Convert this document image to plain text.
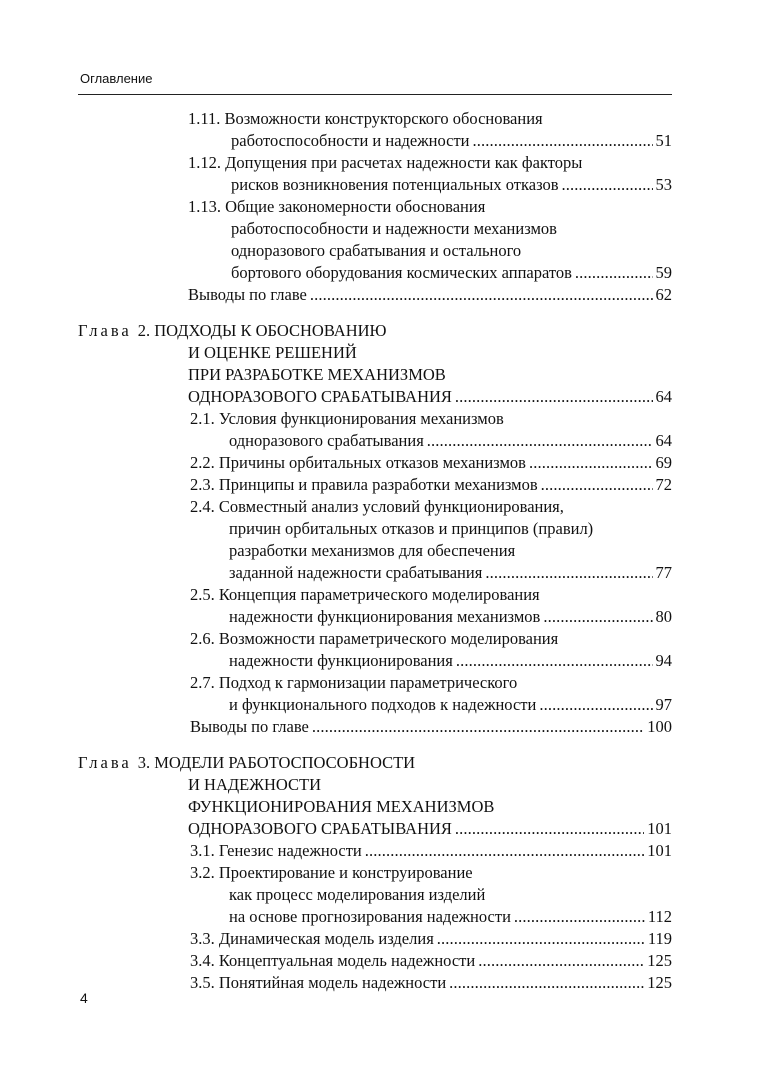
Оглавление
1.11. Возможности конструкторского обоснования
работоспособности и надежности . . .	51
1.12. Допущения при расчетах надежности как факторы
рисков возникновения потенциальных отказов . . .	53
1.13. Общие закономерности обоснования
работоспособности и надежности механизмов
одноразового срабатывания и остального
бортового оборудования космических аппаратов . . .	59
Выводы по главе . . .	62
Глава 2. ПОДХОДЫ К ОБОСНОВАНИЮ
И ОЦЕНКЕ РЕШЕНИЙ
ПРИ РАЗРАБОТКЕ МЕХАНИЗМОВ
ОДНОРАЗОВОГО СРАБАТЫВАНИЯ . . .	64
2.1. Условия функционирования механизмов
одноразового срабатывания . . .	64
2.2. Причины орбитальных отказов механизмов . . .	69
2.3. Принципы и правила разработки механизмов . . .	72
2.4. Совместный анализ условий функционирования,
причин орбитальных отказов и принципов (правил)
разработки механизмов для обеспечения
заданной надежности срабатывания . . .	77
2.5. Концепция параметрического моделирования
надежности функционирования механизмов . . .	80
2.6. Возможности параметрического моделирования
надежности функционирования . . .	94
2.7. Подход к гармонизации параметрического
и функционального подходов к надежности . . .	97
Выводы по главе . . .	100
Глава 3. МОДЕЛИ РАБОТОСПОСОБНОСТИ
И НАДЕЖНОСТИ
ФУНКЦИОНИРОВАНИЯ МЕХАНИЗМОВ
ОДНОРАЗОВОГО СРАБАТЫВАНИЯ . . .	101
3.1. Генезис надежности . . .	101
3.2. Проектирование и конструирование
как процесс моделирования изделий
на основе прогнозирования надежности . . .	112
3.3. Динамическая модель изделия . . .	119
3.4. Концептуальная модель надежности . . .	125
3.5. Понятийная модель надежности . . .	125
4
